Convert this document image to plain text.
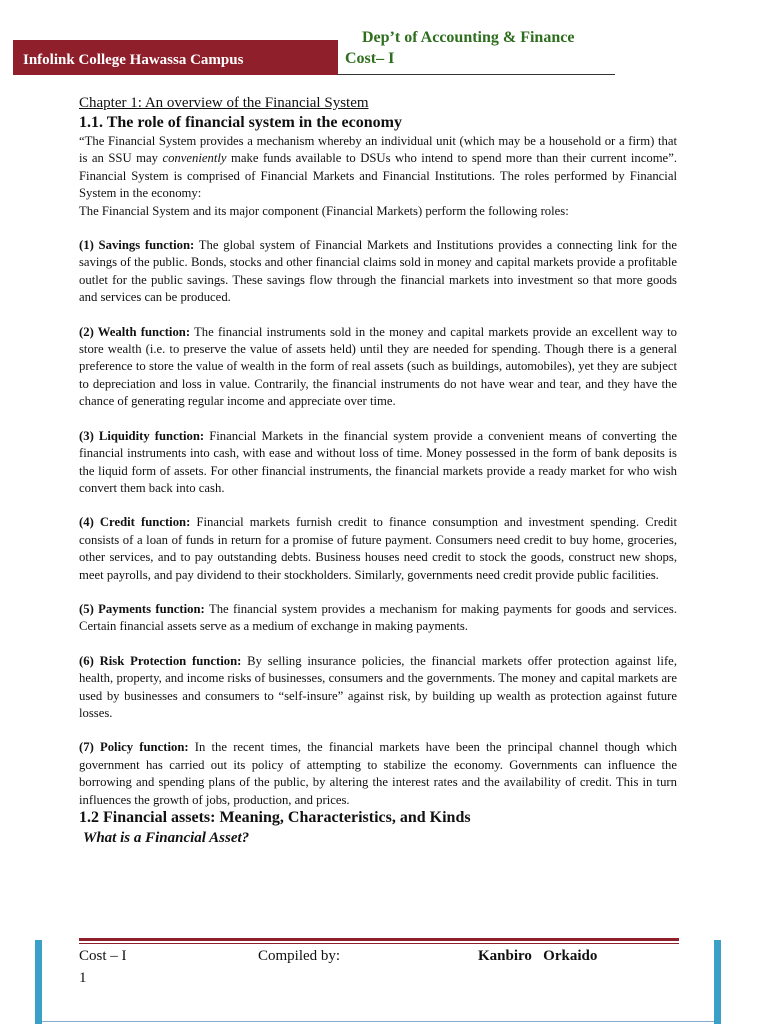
Infolink College Hawassa Campus
Dep’t of Accounting & Finance
Cost– I
Chapter 1: An overview of the Financial System
1.1. The role of financial system in the economy

“The Financial System provides a mechanism whereby an individual unit (which may be a household or a firm) that is an SSU may conveniently make funds available to DSUs who intend to spend more than their current income”. Financial System is comprised of Financial Markets and Financial Institutions. The roles performed by Financial System in the economy:

The Financial System and its major component (Financial Markets) perform the following roles:

(1) Savings function: The global system of Financial Markets and Institutions provides a connecting link for the savings of the public. Bonds, stocks and other financial claims sold in money and capital markets provide a profitable outlet for the public savings. These savings flow through the financial markets into investment so that more goods and services can be produced.

(2) Wealth function: The financial instruments sold in the money and capital markets provide an excellent way to store wealth (i.e. to preserve the value of assets held) until they are needed for spending. Though there is a general preference to store the value of wealth in the form of real assets (such as buildings, automobiles), yet they are subject to depreciation and loss in value. Contrarily, the financial instruments do not have wear and tear, and they have the chance of generating regular income and appreciate over time.

(3) Liquidity function: Financial Markets in the financial system provide a convenient means of converting the financial instruments into cash, with ease and without loss of time. Money possessed in the form of bank deposits is the liquid form of assets. For other financial instruments, the financial markets provide a ready market for who wish convert them back into cash.

(4) Credit function: Financial markets furnish credit to finance consumption and investment spending. Credit consists of a loan of funds in return for a promise of future payment. Consumers need credit to buy home, groceries, other services, and to pay outstanding debts. Business houses need credit to stock the goods, construct new shops, meet payrolls, and pay dividend to their stockholders. Similarly, governments need credit provide public facilities.

(5) Payments function: The financial system provides a mechanism for making payments for goods and services. Certain financial assets serve as a medium of exchange in making payments.

(6) Risk Protection function: By selling insurance policies, the financial markets offer protection against life, health, property, and income risks of businesses, consumers and the governments. The money and capital markets are used by businesses and consumers to “self-insure” against risk, by building up wealth as protection against future losses.

(7) Policy function: In the recent times, the financial markets have been the principal channel though which government has carried out its policy of attempting to stabilize the economy. Governments can influence the borrowing and spending plans of the public, by altering the interest rates and the availability of credit. This in turn influences the growth of jobs, production, and prices.

1.2 Financial assets: Meaning, Characteristics, and Kinds
What is a Financial Asset?
Cost – I
1
Compiled by:	Kanbiro   Orkaido
